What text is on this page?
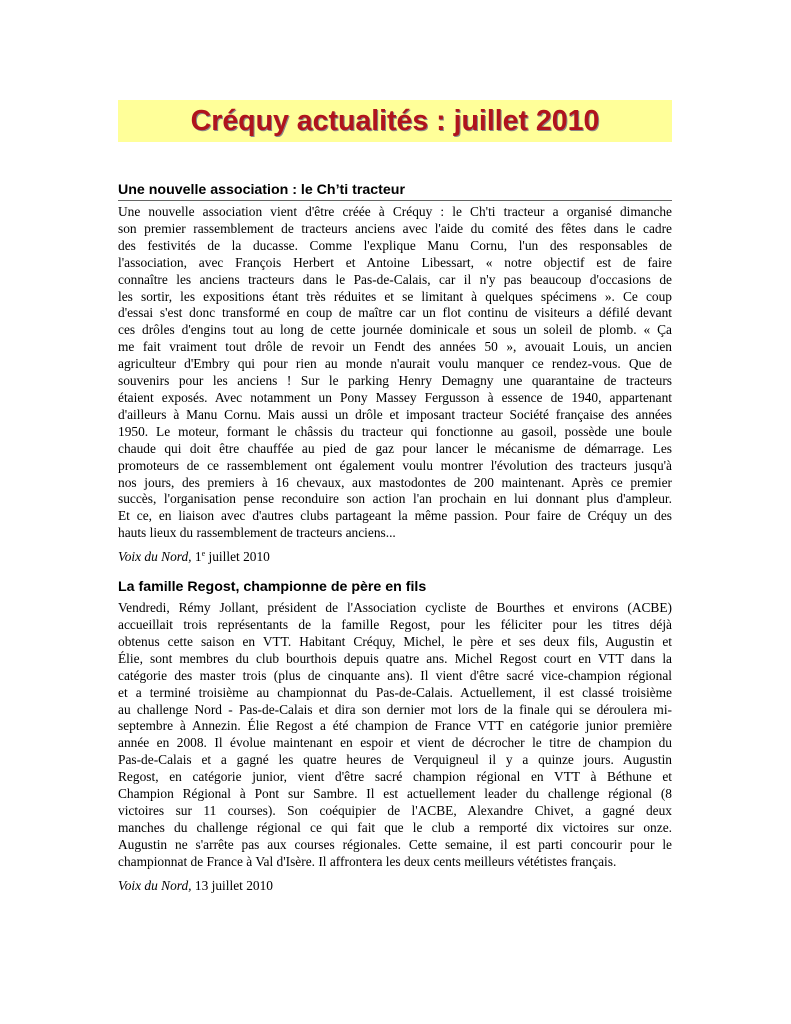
Créquy actualités : juillet 2010
Une nouvelle association : le Ch’ti tracteur
Une nouvelle association vient d'être créée à Créquy : le Ch'ti tracteur a organisé dimanche
son premier rassemblement de tracteurs anciens avec l'aide du comité des fêtes dans le cadre
des festivités de la ducasse. Comme l'explique Manu Cornu, l'un des responsables de
l'association, avec François Herbert et Antoine Libessart, « notre objectif est de faire
connaître les anciens tracteurs dans le Pas-de-Calais, car il n'y pas beaucoup d'occasions de
les sortir, les expositions étant très réduites et se limitant à quelques spécimens ». Ce coup
d'essai s'est donc transformé en coup de maître car un flot continu de visiteurs a défilé devant
ces drôles d'engins tout au long de cette journée dominicale et sous un soleil de plomb. « Ça
me fait vraiment tout drôle de revoir un Fendt des années 50 », avouait Louis, un ancien
agriculteur d'Embry qui pour rien au monde n'aurait voulu manquer ce rendez-vous. Que de
souvenirs pour les anciens ! Sur le parking Henry Demagny une quarantaine de tracteurs
étaient exposés. Avec notamment un Pony Massey Fergusson à essence de 1940, appartenant
d'ailleurs à Manu Cornu. Mais aussi un drôle et imposant tracteur Société française des années
1950. Le moteur, formant le châssis du tracteur qui fonctionne au gasoil, possède une boule
chaude qui doit être chauffée au pied de gaz pour lancer le mécanisme de démarrage. Les
promoteurs de ce rassemblement ont également voulu montrer l'évolution des tracteurs jusqu'à
nos jours, des premiers à 16 chevaux, aux mastodontes de 200 maintenant. Après ce premier
succès, l'organisation pense reconduire son action l'an prochain en lui donnant plus d'ampleur.
Et ce, en liaison avec d'autres clubs partageant la même passion. Pour faire de Créquy un des
hauts lieux du rassemblement de tracteurs anciens...

Voix du Nord, 1e juillet 2010

La famille Regost, championne de père en fils
Vendredi, Rémy Jollant, président de l'Association cycliste de Bourthes et environs (ACBE)
accueillait trois représentants de la famille Regost, pour les féliciter pour les titres déjà
obtenus cette saison en VTT. Habitant Créquy, Michel, le père et ses deux fils, Augustin et
Élie, sont membres du club bourthois depuis quatre ans. Michel Regost court en VTT dans la
catégorie des master trois (plus de cinquante ans). Il vient d'être sacré vice-champion régional
et a terminé troisième au championnat du Pas-de-Calais. Actuellement, il est classé troisième
au challenge Nord - Pas-de-Calais et dira son dernier mot lors de la finale qui se déroulera mi-
septembre à Annezin. Élie Regost a été champion de France VTT en catégorie junior première
année en 2008. Il évolue maintenant en espoir et vient de décrocher le titre de champion du
Pas-de-Calais et a gagné les quatre heures de Verquigneul il y a quinze jours. Augustin
Regost, en catégorie junior, vient d'être sacré champion régional en VTT à Béthune et
Champion Régional à Pont sur Sambre. Il est actuellement leader du challenge régional (8
victoires sur 11 courses). Son coéquipier de l'ACBE, Alexandre Chivet, a gagné deux
manches du challenge régional ce qui fait que le club a remporté dix victoires sur onze.
Augustin ne s'arrête pas aux courses régionales. Cette semaine, il est parti concourir pour le
championnat de France à Val d'Isère. Il affrontera les deux cents meilleurs vététistes français.

Voix du Nord, 13 juillet 2010
